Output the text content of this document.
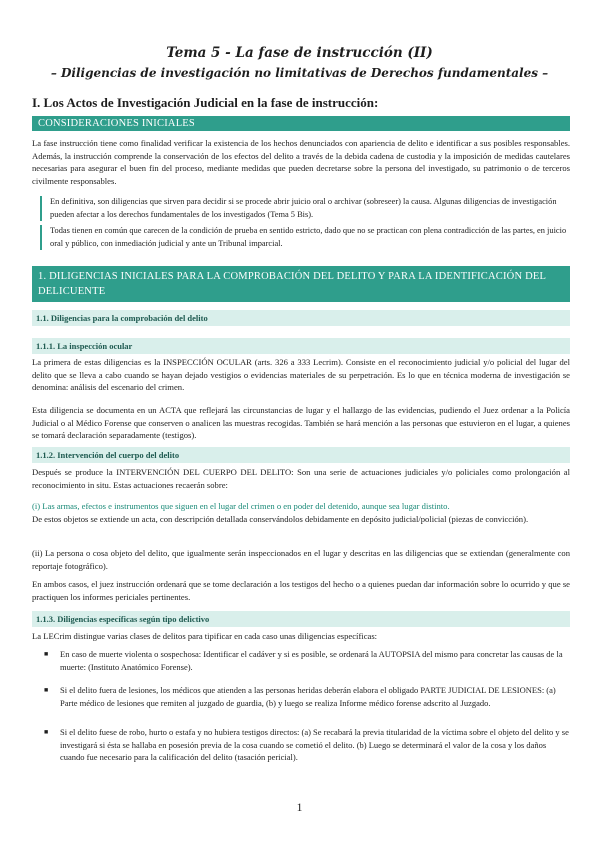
Tema 5 - La fase de instrucción (II)
– Diligencias de investigación no limitativas de Derechos fundamentales –
I. Los Actos de Investigación Judicial en la fase de instrucción:
CONSIDERACIONES INICIALES
La fase instrucción tiene como finalidad verificar la existencia de los hechos denunciados con apariencia de delito e identificar a sus posibles responsables. Además, la instrucción comprende la conservación de los efectos del delito a través de la debida cadena de custodia y la imposición de medidas cautelares necesarias para asegurar el buen fin del proceso, mediante medidas que pueden decretarse sobre la persona del investigado, su patrimonio o de terceros civilmente responsables.
En definitiva, son diligencias que sirven para decidir si se procede abrir juicio oral o archivar (sobreseer) la causa. Algunas diligencias de investigación pueden afectar a los derechos fundamentales de los investigados (Tema 5 Bis).
Todas tienen en común que carecen de la condición de prueba en sentido estricto, dado que no se practican con plena contradicción de las partes, en juicio oral y público, con inmediación judicial y ante un Tribunal imparcial.
1. DILIGENCIAS INICIALES PARA LA COMPROBACIÓN DEL DELITO Y PARA LA IDENTIFICACIÓN DEL DELICUENTE
1.1. Diligencias para la comprobación del delito
1.1.1. La inspección ocular
La primera de estas diligencias es la INSPECCIÓN OCULAR (arts. 326 a 333 Lecrim). Consiste en el reconocimiento judicial y/o policial del lugar del delito que se lleva a cabo cuando se hayan dejado vestigios o evidencias materiales de su perpetración. Es lo que en técnica moderna de investigación se denomina: análisis del escenario del crimen.
Esta diligencia se documenta en un ACTA que reflejará las circunstancias de lugar y el hallazgo de las evidencias, pudiendo el Juez ordenar a la Policía Judicial o al Médico Forense que conserven o analicen las muestras recogidas. También se hará mención a las personas que estuvieron en el lugar, a quienes se tomará declaración separadamente (testigos).
1.1.2. Intervención del cuerpo del delito
Después se produce la INTERVENCIÓN DEL CUERPO DEL DELITO: Son una serie de actuaciones judiciales y/o policiales como prolongación al reconocimiento in situ. Estas actuaciones recaerán sobre:
(i) Las armas, efectos e instrumentos que siguen en el lugar del crimen o en poder del detenido, aunque sea lugar distinto.
De estos objetos se extiende un acta, con descripción detallada conservándolos debidamente en depósito judicial/policial (piezas de convicción).
(ii) La persona o cosa objeto del delito, que igualmente serán inspeccionados en el lugar y descritas en las diligencias que se extiendan (generalmente con reportaje fotográfico).
En ambos casos, el juez instrucción ordenará que se tome declaración a los testigos del hecho o a quienes puedan dar información sobre lo ocurrido y que se practiquen los informes periciales pertinentes.
1.1.3. Diligencias específicas según tipo delictivo
La LECrim distingue varias clases de delitos para tipificar en cada caso unas diligencias específicas:
■ En caso de muerte violenta o sospechosa: Identificar el cadáver y si es posible, se ordenará la AUTOPSIA del mismo para concretar las causas de la muerte: (Instituto Anatómico Forense).
■ Si el delito fuera de lesiones, los médicos que atienden a las personas heridas deberán elabora el obligado PARTE JUDICIAL DE LESIONES: (a) Parte médico de lesiones que remiten al juzgado de guardia, (b) y luego se realiza Informe médico forense adscrito al Juzgado.
■ Si el delito fuese de robo, hurto o estafa y no hubiera testigos directos: (a) Se recabará la previa titularidad de la víctima sobre el objeto del delito y se investigará si ésta se hallaba en posesión previa de la cosa cuando se cometió el delito. (b) Luego se determinará el valor de la cosa y los daños cuando fue necesario para la calificación del delito (tasación pericial).
1
